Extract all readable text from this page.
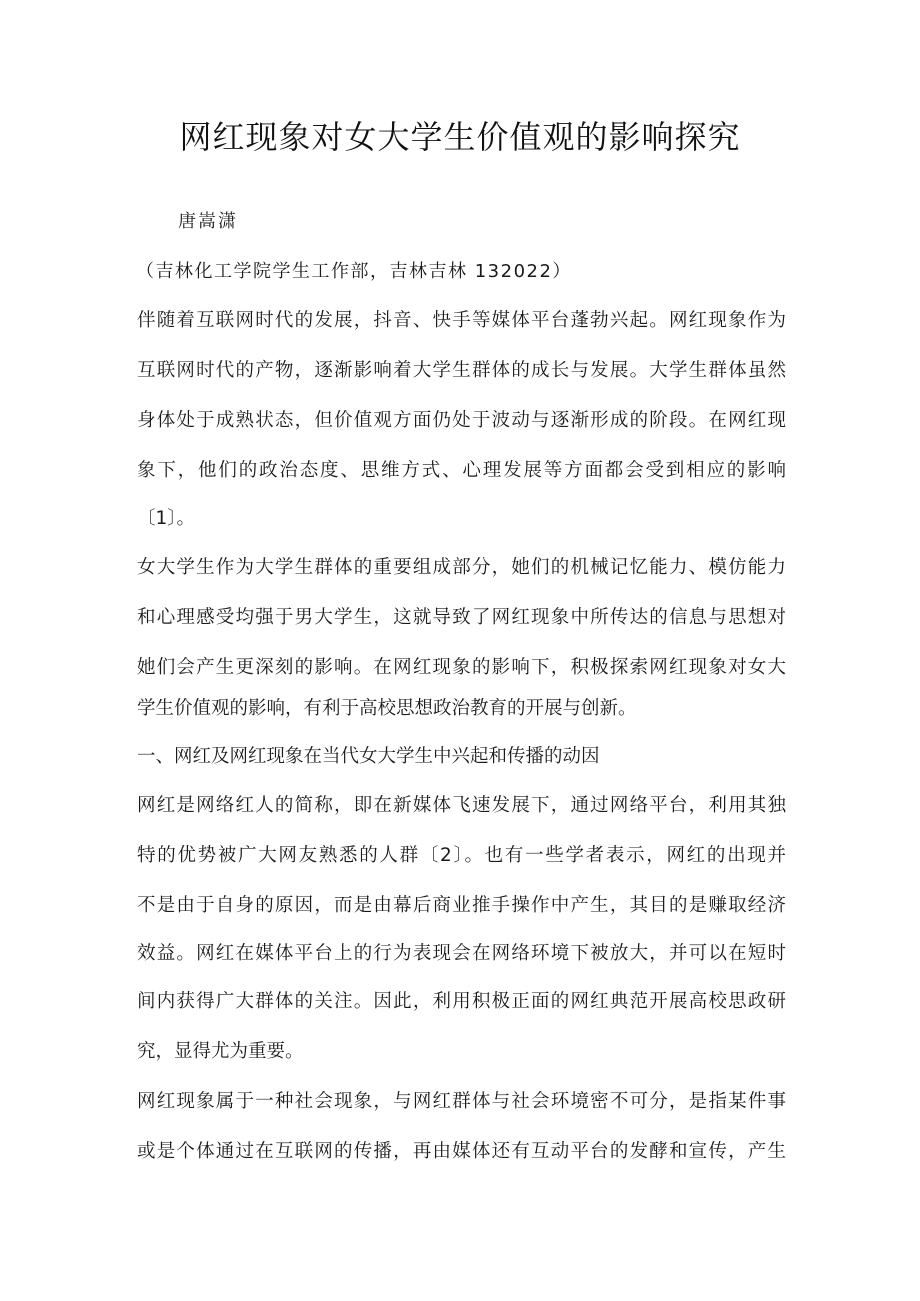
网红现象对女大学生价值观的影响探究
唐嵩潇
（吉林化工学院学生工作部，吉林吉林 132022）
伴随着互联网时代的发展，抖音、快手等媒体平台蓬勃兴起。网红现象作为
互联网时代的产物，逐渐影响着大学生群体的成长与发展。大学生群体虽然
身体处于成熟状态，但价值观方面仍处于波动与逐渐形成的阶段。在网红现
象下，他们的政治态度、思维方式、心理发展等方面都会受到相应的影响
〔1〕。
女大学生作为大学生群体的重要组成部分，她们的机械记忆能力、模仿能力
和心理感受均强于男大学生，这就导致了网红现象中所传达的信息与思想对
她们会产生更深刻的影响。在网红现象的影响下，积极探索网红现象对女大
学生价值观的影响，有利于高校思想政治教育的开展与创新。
一、网红及网红现象在当代女大学生中兴起和传播的动因
网红是网络红人的简称，即在新媒体飞速发展下，通过网络平台，利用其独
特的优势被广大网友熟悉的人群〔2〕。也有一些学者表示，网红的出现并
不是由于自身的原因，而是由幕后商业推手操作中产生，其目的是赚取经济
效益。网红在媒体平台上的行为表现会在网络环境下被放大，并可以在短时
间内获得广大群体的关注。因此，利用积极正面的网红典范开展高校思政研
究，显得尤为重要。
网红现象属于一种社会现象，与网红群体与社会环境密不可分，是指某件事
或是个体通过在互联网的传播，再由媒体还有互动平台的发酵和宣传，产生
